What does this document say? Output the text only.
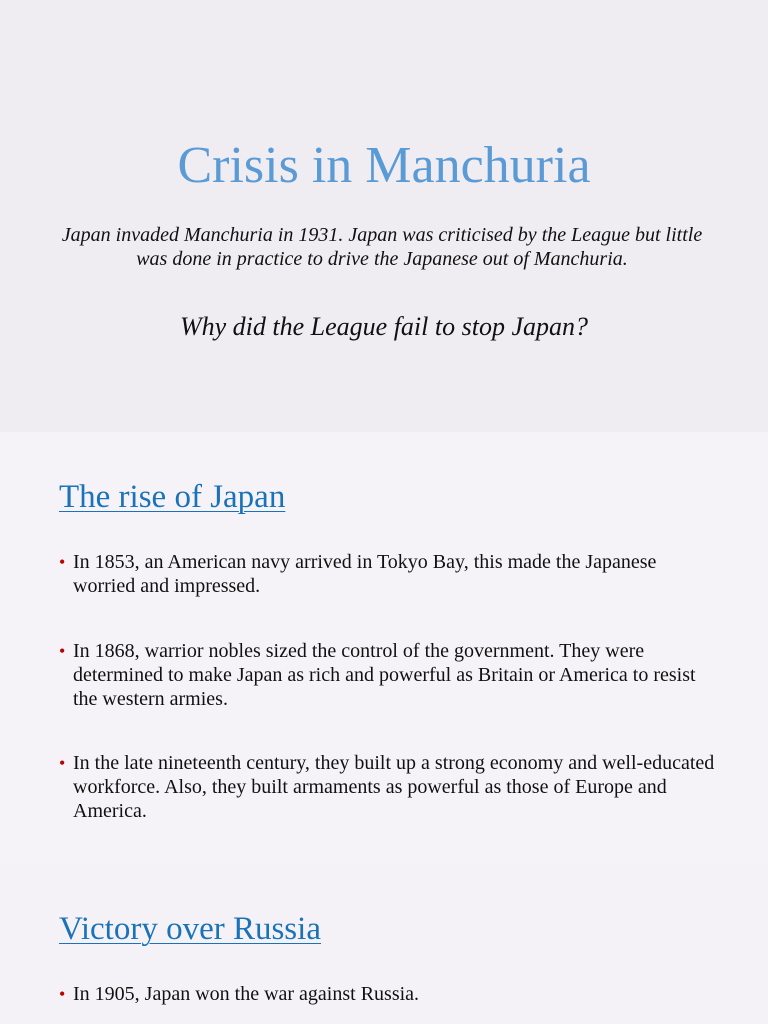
Crisis in Manchuria

Japan invaded Manchuria in 1931. Japan was criticised by the League but little was done in practice to drive the Japanese out of Manchuria.

Why did the League fail to stop Japan?

The rise of Japan
• In 1853, an American navy arrived in Tokyo Bay, this made the Japanese worried and impressed.
• In 1868, warrior nobles sized the control of the government. They were determined to make Japan as rich and powerful as Britain or America to resist the western armies.
• In the late nineteenth century, they built up a strong economy and well-educated workforce. Also, they built armaments as powerful as those of Europe and America.
Victory over Russia
• In 1905, Japan won the war against Russia.
